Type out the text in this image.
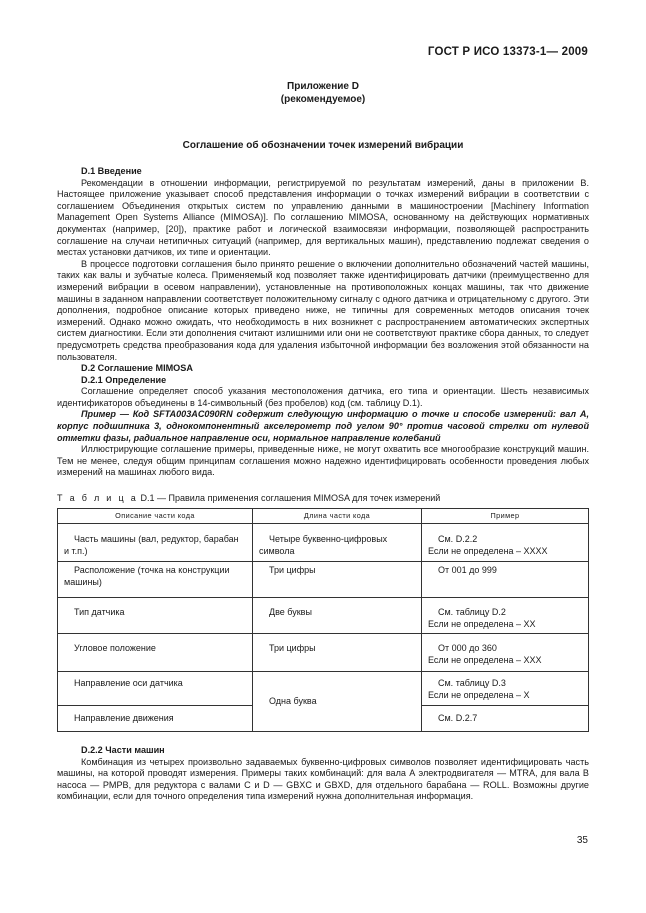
ГОСТ Р ИСО 13373-1— 2009
Приложение D
(рекомендуемое)
Соглашение об обозначении точек измерений вибрации
D.1 Введение

Рекомендации в отношении информации, регистрируемой по результатам измерений, даны в приложении В. Настоящее приложение указывает способ представления информации о точках измерений вибрации в соответствии с соглашением Объединения открытых систем по управлению данными в машиностроении [Machinery Information Management Open Systems Alliance (MIMOSA)]. По соглашению MIMOSA, основанному на действующих нормативных документах (например, [20]), практике работ и логической взаимосвязи информации, позволяющей распространить соглашение на случаи нетипичных ситуаций (например, для вертикальных машин), представлению подлежат сведения о местах установки датчиков, их типе и ориентации.

В процессе подготовки соглашения было принято решение о включении дополнительно обозначений частей машины, таких как валы и зубчатые колеса. Применяемый код позволяет также идентифицировать датчики (преимущественно для измерений вибрации в осевом направлении), установленные на противоположных концах машины, так что движение машины в заданном направлении соответствует положительному сигналу с одного датчика и отрицательному с другого. Эти дополнения, подробное описание которых приведено ниже, не типичны для современных методов описания точек измерений. Однако можно ожидать, что необходимость в них возникнет с распространением автоматических экспертных систем диагностики. Если эти дополнения считают излишними или они не соответствуют практике сбора данных, то следует предусмотреть средства преобразования кода для удаления избыточной информации без возложения этой обязанности на пользователя.

D.2 Соглашение MIMOSA
D.2.1 Определение

Соглашение определяет способ указания местоположения датчика, его типа и ориентации. Шесть независимых идентификаторов объединены в 14-символьный (без пробелов) код (см. таблицу D.1).

Пример — Код SFTA003AC090RN содержит следующую информацию о точке и способе измерений: вал А, корпус подшипника 3, однокомпонентный акселерометр под углом 90° против часовой стрелки от нулевой отметки фазы, радиальное направление оси, нормальное направление колебаний

Иллюстрирующие соглашение примеры, приведенные ниже, не могут охватить все многообразие конструкций машин. Тем не менее, следуя общим принципам соглашения можно надежно идентифицировать особенности проведения любых измерений на машинах любого вида.

Т а б л и ц а D.1 — Правила применения соглашения MIMOSA для точек измерений
Описание части кода	Длина части кода	Пример
Часть машины (вал, редуктор, барабан и т.п.)	Четыре буквенно-цифровых символа	См. D.2.2
Если не определена – XXXX

Расположение (точка на конструкции машины)	Три цифры	От 001 до 999

Тип датчика	Две буквы	См. таблицу D.2
Если не определена – XX

Угловое положение	Три цифры	От 000 до 360
Если не определена – XXX

Направление оси датчика	Одна буква	См. таблицу D.3
Если не определена – X

Направление движения		См. D.2.7
D.2.2 Части машин

Комбинация из четырех произвольно задаваемых буквенно-цифровых символов позволяет идентифицировать часть машины, на которой проводят измерения. Примеры таких комбинаций: для вала А электродвигателя — MTRA, для вала В насоса — PMPB, для редуктора с валами С и D — GBXC и GBXD, для отдельного барабана — ROLL. Возможны другие комбинации, если для точного определения типа измерений нужна дополнительная информация.

35
